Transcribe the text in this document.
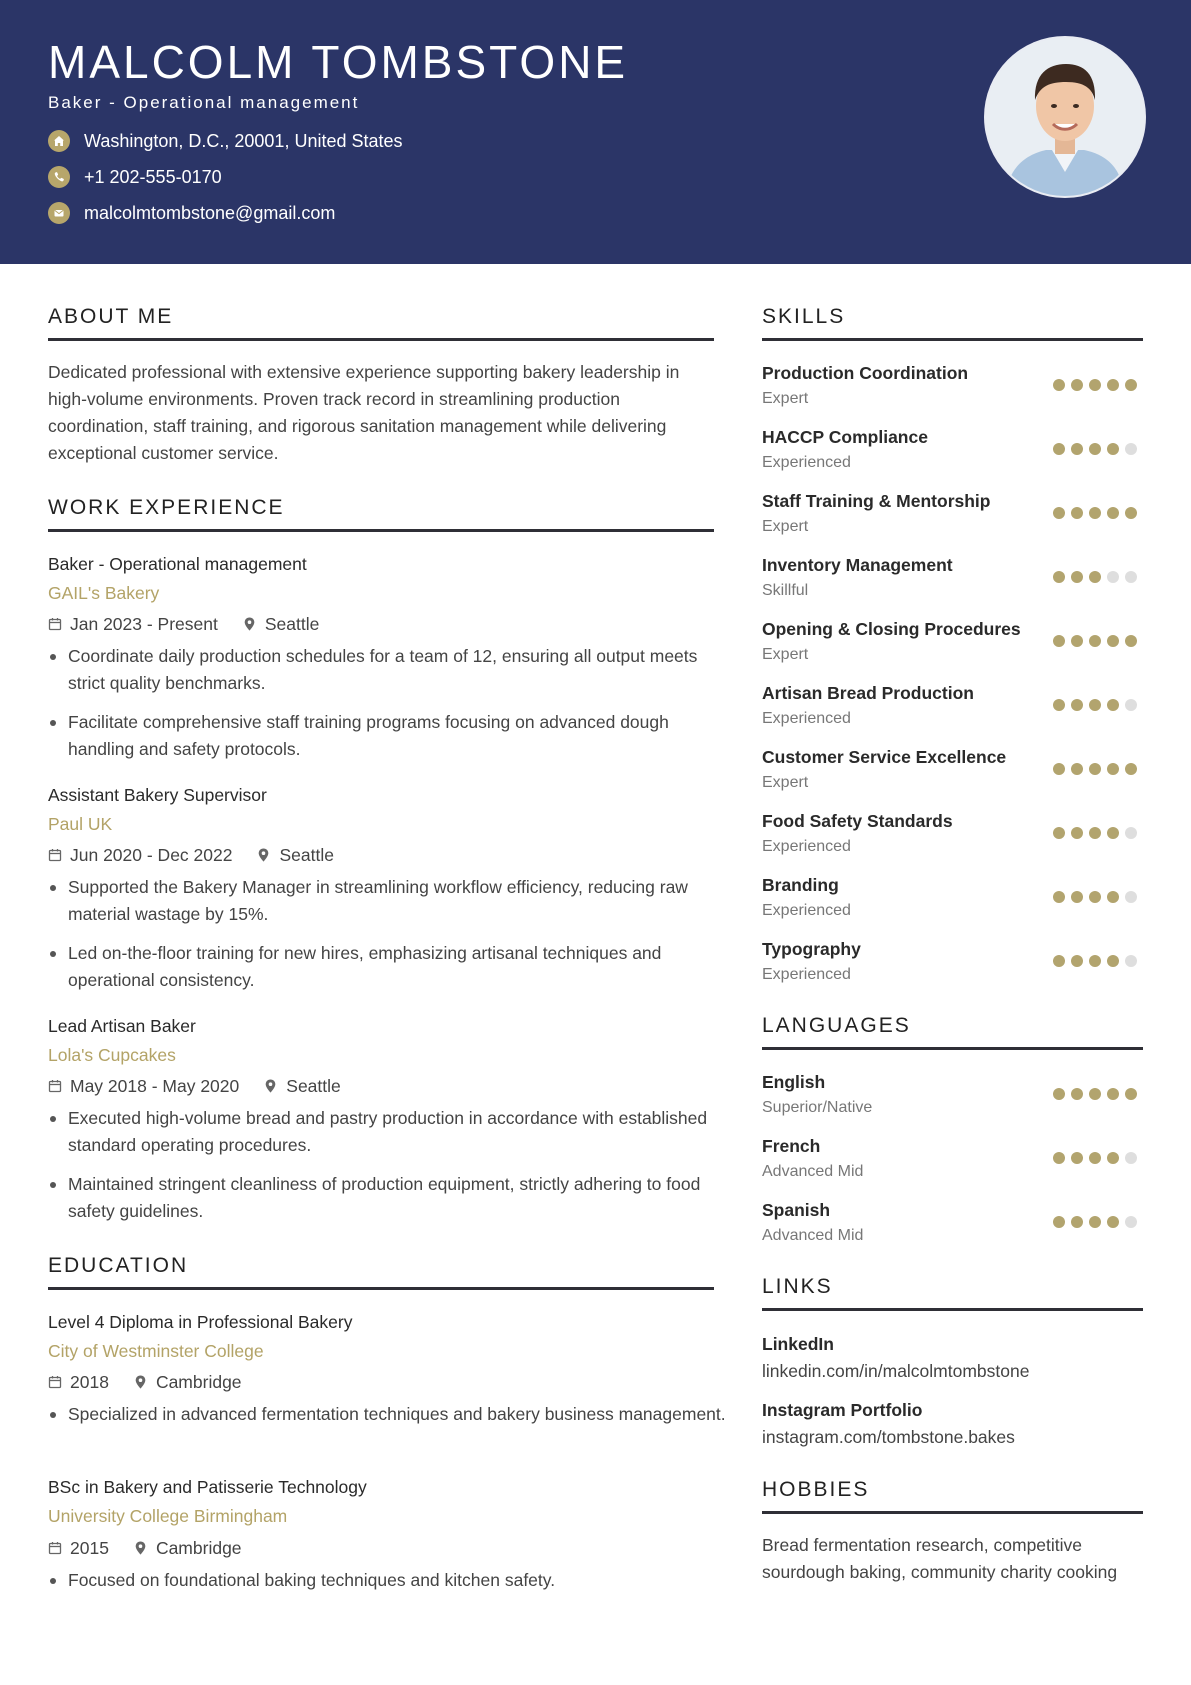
MALCOLM TOMBSTONE
Baker - Operational management
Washington, D.C., 20001, United States
+1 202-555-0170
malcolmtombstone@gmail.com
ABOUT ME
Dedicated professional with extensive experience supporting bakery leadership in high-volume environments. Proven track record in streamlining production coordination, staff training, and rigorous sanitation management while delivering exceptional customer service.
WORK EXPERIENCE
Baker - Operational management
GAIL's Bakery
Jan 2023 - Present	Seattle
Coordinate daily production schedules for a team of 12, ensuring all output meets strict quality benchmarks.
Facilitate comprehensive staff training programs focusing on advanced dough handling and safety protocols.
Assistant Bakery Supervisor
Paul UK
Jun 2020 - Dec 2022	Seattle
Supported the Bakery Manager in streamlining workflow efficiency, reducing raw material wastage by 15%.
Led on-the-floor training for new hires, emphasizing artisanal techniques and operational consistency.
Lead Artisan Baker
Lola's Cupcakes
May 2018 - May 2020	Seattle
Executed high-volume bread and pastry production in accordance with established standard operating procedures.
Maintained stringent cleanliness of production equipment, strictly adhering to food safety guidelines.
EDUCATION
Level 4 Diploma in Professional Bakery
City of Westminster College
2018	Cambridge
Specialized in advanced fermentation techniques and bakery business management.
BSc in Bakery and Patisserie Technology
University College Birmingham
2015	Cambridge
Focused on foundational baking techniques and kitchen safety.
SKILLS
Production Coordination
Expert
HACCP Compliance
Experienced
Staff Training & Mentorship
Expert
Inventory Management
Skillful
Opening & Closing Procedures
Expert
Artisan Bread Production
Experienced
Customer Service Excellence
Expert
Food Safety Standards
Experienced
Branding
Experienced
Typography
Experienced
LANGUAGES
English
Superior/Native
French
Advanced Mid
Spanish
Advanced Mid
LINKS
LinkedIn
linkedin.com/in/malcolmtombstone
Instagram Portfolio
instagram.com/tombstone.bakes
HOBBIES
Bread fermentation research, competitive sourdough baking, community charity cooking
